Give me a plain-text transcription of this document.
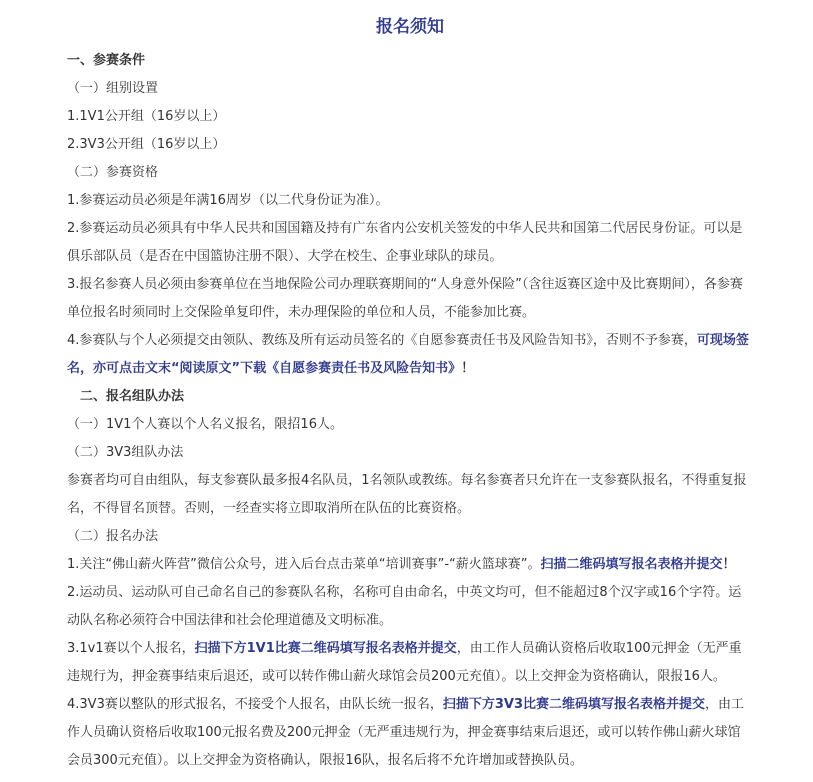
报名须知
一、参赛条件
（一）组别设置
1.1V1公开组（16岁以上）
2.3V3公开组（16岁以上）
（二）参赛资格
1.参赛运动员必须是年满16周岁（以二代身份证为准）。

2.参赛运动员必须具有中华人民共和国国籍及持有广东省内公安机关签发的中华人民共和国第二代居民身份证。可以是俱乐部队员（是否在中国篮协注册不限）、大学在校生、企事业球队的球员。

3.报名参赛人员必须由参赛单位在当地保险公司办理联赛期间的“人身意外保险”（含往返赛区途中及比赛期间），各参赛单位报名时须同时上交保险单复印件，未办理保险的单位和人员，不能参加比赛。

4.参赛队与个人必须提交由领队、教练及所有运动员签名的《自愿参赛责任书及风险告知书》，否则不予参赛，可现场签名，亦可点击文末“阅读原文”下载《自愿参赛责任书及风险告知书》！

二、报名组队办法
（一）1V1个人赛以个人名义报名，限招16人。
（二）3V3组队办法

参赛者均可自由组队，每支参赛队最多报4名队员，1名领队或教练。每名参赛者只允许在一支参赛队报名，不得重复报名，不得冒名顶替。否则，一经查实将立即取消所在队伍的比赛资格。

（二）报名办法

1.关注“佛山薪火阵营”微信公众号，进入后台点击菜单“培训赛事”-“薪火篮球赛”。扫描二维码填写报名表格并提交！

2.运动员、运动队可自己命名自己的参赛队名称，名称可自由命名，中英文均可，但不能超过8个汉字或16个字符。运动队名称必须符合中国法律和社会伦理道德及文明标准。

3.1v1赛以个人报名，扫描下方1V1比赛二维码填写报名表格并提交，由工作人员确认资格后收取100元押金（无严重违规行为，押金赛事结束后退还，或可以转作佛山薪火球馆会员200元充值）。以上交押金为资格确认，限报16人。

4.3V3赛以整队的形式报名，不接受个人报名，由队长统一报名，扫描下方3V3比赛二维码填写报名表格并提交，由工作人员确认资格后收取100元报名费及200元押金（无严重违规行为，押金赛事结束后退还，或可以转作佛山薪火球馆会员300元充值）。以上交押金为资格确认，限报16队，报名后将不允许增加或替换队员。
